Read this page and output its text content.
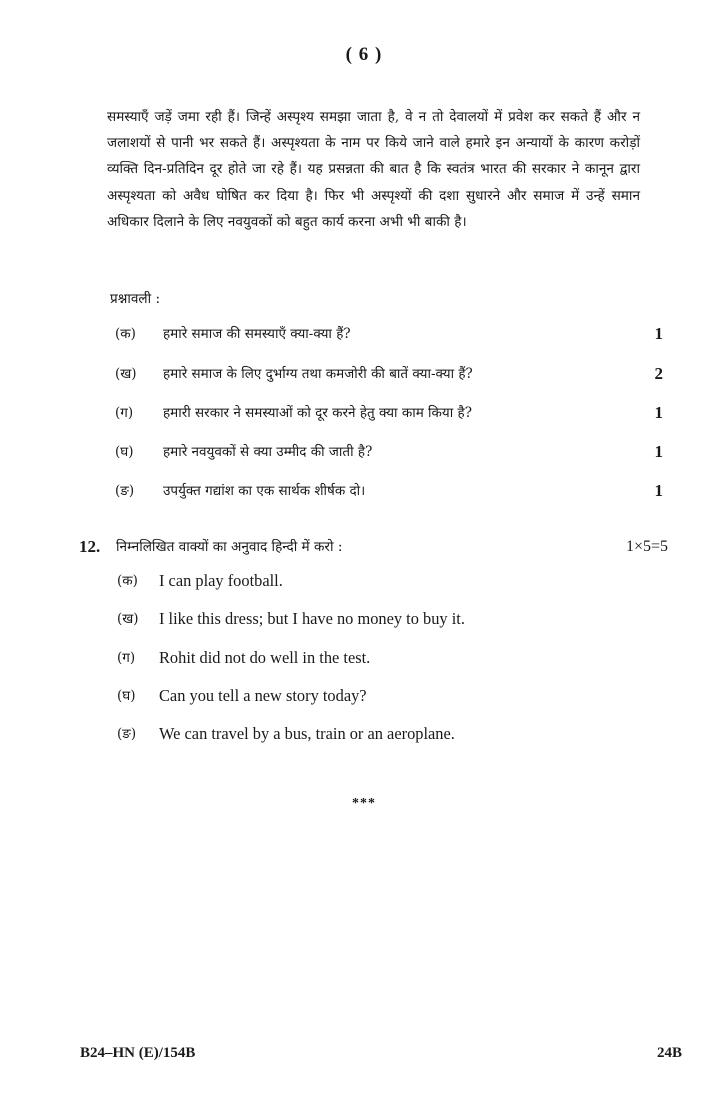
( 6 )
समस्याएँ जड़ें जमा रही हैं। जिन्हें अस्पृश्य समझा जाता है, वे न तो देवालयों में प्रवेश कर सकते हैं और न जलाशयों से पानी भर सकते हैं। अस्पृश्यता के नाम पर किये जाने वाले हमारे इन अन्यायों के कारण करोड़ों व्यक्ति दिन-प्रतिदिन दूर होते जा रहे हैं। यह प्रसन्नता की बात है कि स्वतंत्र भारत की सरकार ने कानून द्वारा अस्पृश्यता को अवैध घोषित कर दिया है। फिर भी अस्पृश्यों की दशा सुधारने और समाज में उन्हें समान अधिकार दिलाने के लिए नवयुवकों को बहुत कार्य करना अभी भी बाकी है।
प्रश्नावली :
(क) हमारे समाज की समस्याएँ क्या-क्या हैं?	1
(ख) हमारे समाज के लिए दुर्भाग्य तथा कमजोरी की बातें क्या-क्या हैं?	2
(ग) हमारी सरकार ने समस्याओं को दूर करने हेतु क्या काम किया है?	1
(घ) हमारे नवयुवकों से क्या उम्मीद की जाती है?	1
(ङ) उपर्युक्त गद्यांश का एक सार्थक शीर्षक दो।	1
12. निम्नलिखित वाक्यों का अनुवाद हिन्दी में करो :	1×5=5
(क) I can play football.
(ख) I like this dress; but I have no money to buy it.
(ग) Rohit did not do well in the test.
(घ) Can you tell a new story today?
(ङ) We can travel by a bus, train or an aeroplane.
***
B24–HN (E)/154B	24B
